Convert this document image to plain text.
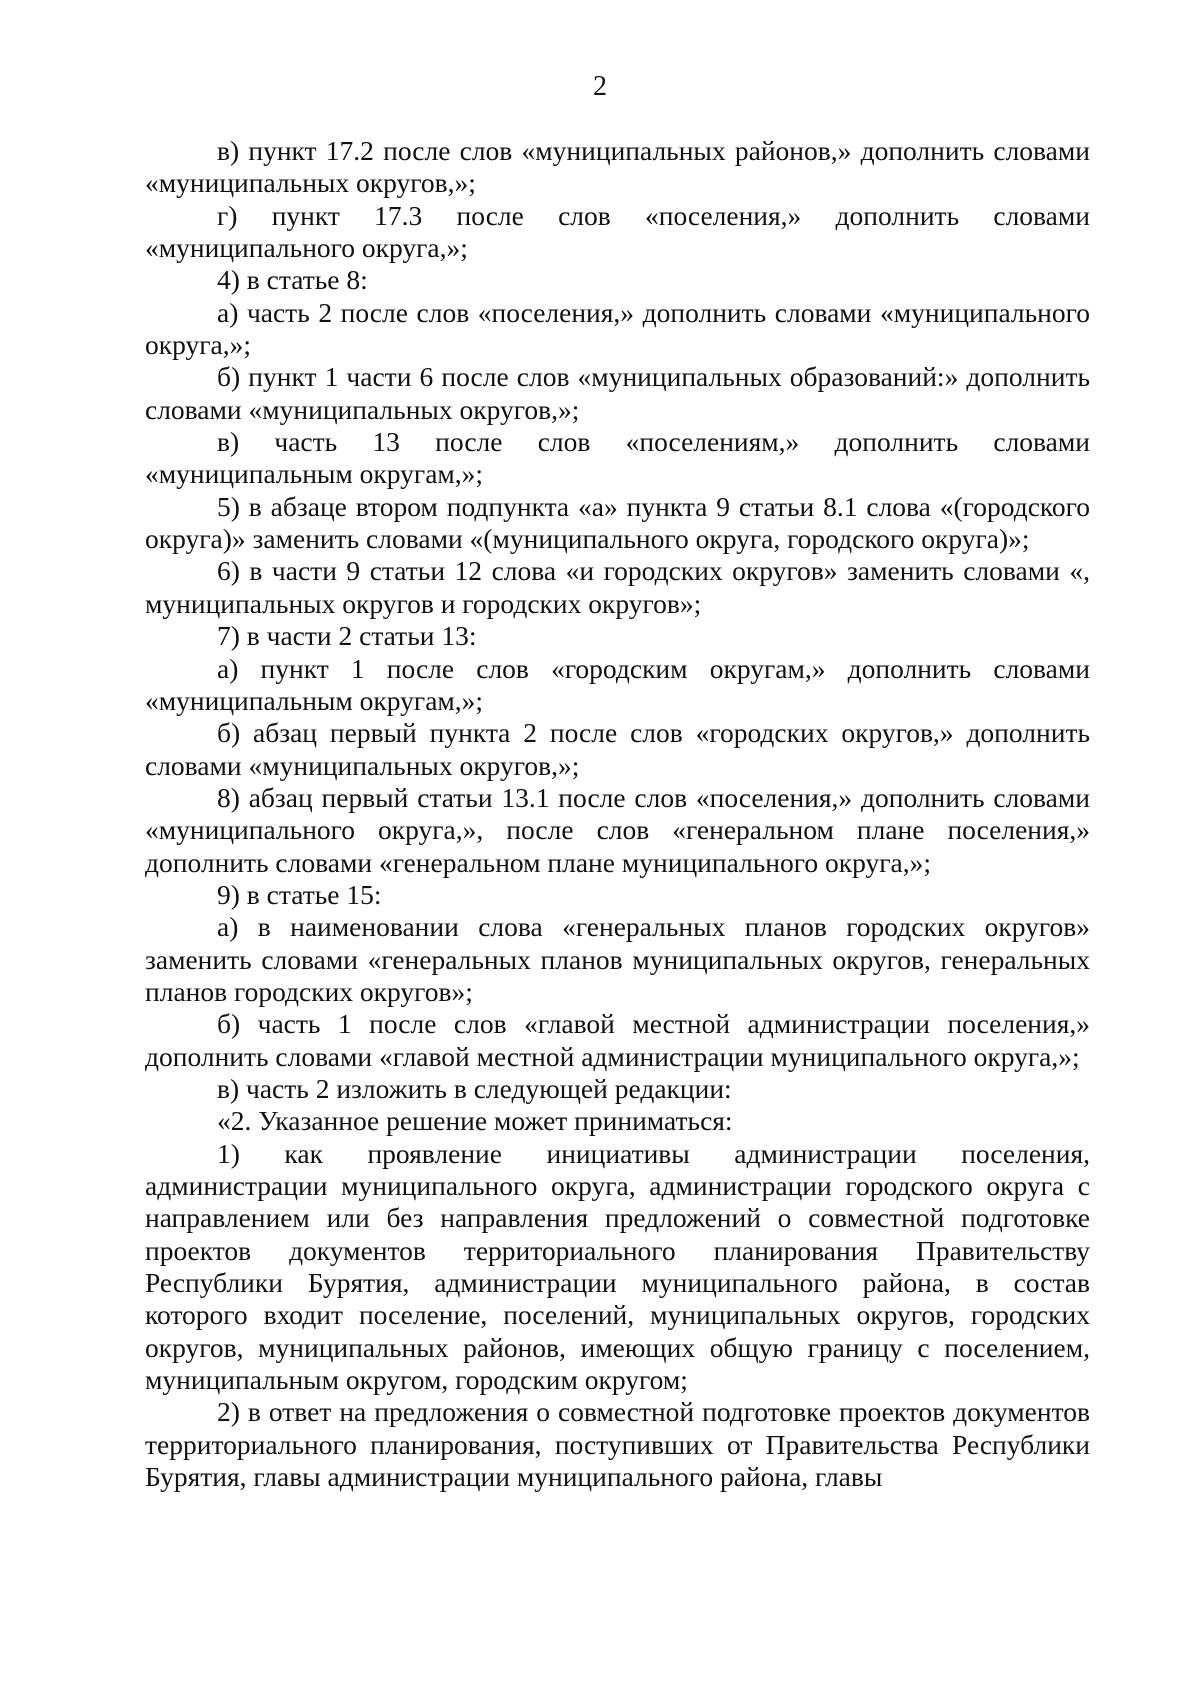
2

в) пункт 17.2 после слов «муниципальных районов,» дополнить словами «муниципальных округов,»;

г) пункт 17.3 после слов «поселения,» дополнить словами «муниципального округа,»;

4) в статье 8:

а) часть 2 после слов «поселения,» дополнить словами «муниципального округа,»;

б) пункт 1 части 6 после слов «муниципальных образований:» дополнить словами «муниципальных округов,»;

в) часть 13 после слов «поселениям,» дополнить словами «муниципальным округам,»;

5) в абзаце втором подпункта «а» пункта 9 статьи 8.1 слова «(городского округа)» заменить словами «(муниципального округа, городского округа)»;

6) в части 9 статьи 12 слова «и городских округов» заменить словами «, муниципальных округов и городских округов»;

7) в части 2 статьи 13:

а) пункт 1 после слов «городским округам,» дополнить словами «муниципальным округам,»;

б) абзац первый пункта 2 после слов «городских округов,» дополнить словами «муниципальных округов,»;

8) абзац первый статьи 13.1 после слов «поселения,» дополнить словами «муниципального округа,», после слов «генеральном плане поселения,» дополнить словами «генеральном плане муниципального округа,»;

9) в статье 15:

а) в наименовании слова «генеральных планов городских округов» заменить словами «генеральных планов муниципальных округов, генеральных планов городских округов»;

б) часть 1 после слов «главой местной администрации поселения,» дополнить словами «главой местной администрации муниципального округа,»;

в) часть 2 изложить в следующей редакции:

«2. Указанное решение может приниматься:

1) как проявление инициативы администрации поселения, администрации муниципального округа, администрации городского округа с направлением или без направления предложений о совместной подготовке проектов документов территориального планирования Правительству Республики Бурятия, администрации муниципального района, в состав которого входит поселение, поселений, муниципальных округов, городских округов, муниципальных районов, имеющих общую границу с поселением, муниципальным округом, городским округом;

2) в ответ на предложения о совместной подготовке проектов документов территориального планирования, поступивших от Правительства Республики Бурятия, главы администрации муниципального района, главы
